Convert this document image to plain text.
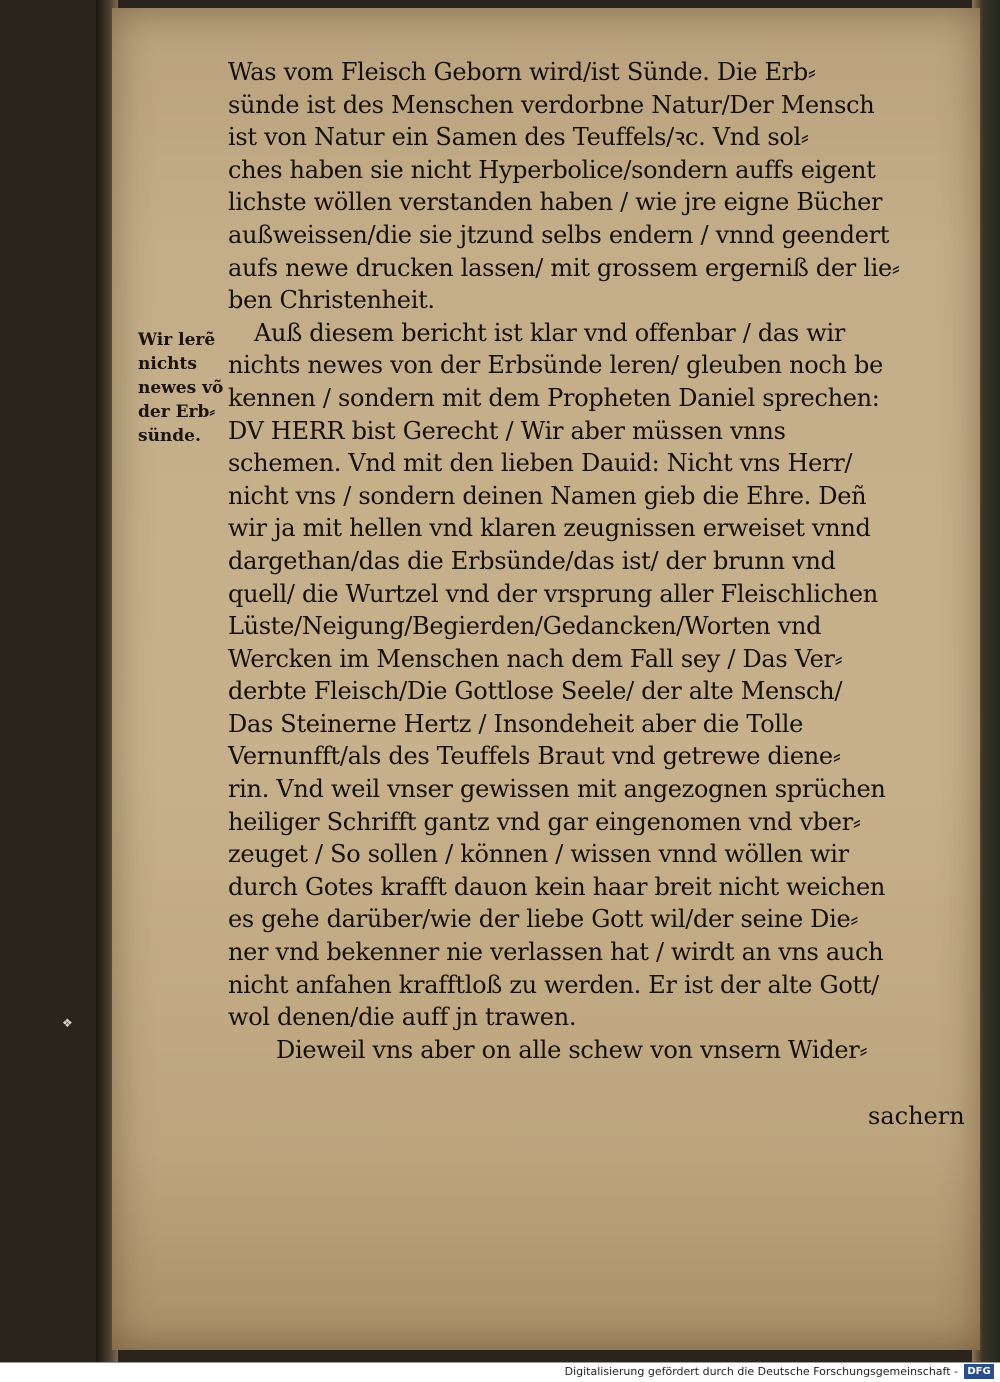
Wir lerẽ
nichts
newes võ
der Erb⸗
sünde.
Was vom Fleisch Geborn wird/ist Sünde. Die Erb⸗
sünde ist des Menschen verdorbne Natur/Der Mensch
ist von Natur ein Samen des Teuffels/ꝛc. Vnd sol⸗
ches haben sie nicht Hyperbolice/sondern auffs eigent
lichste wöllen verstanden haben / wie jre eigne Bücher
außweissen/die sie jtzund selbs endern / vnnd geendert
aufs newe drucken lassen/ mit grossem ergerniß der lie⸗
ben Christenheit.
Auß diesem bericht ist klar vnd offenbar / das wir
nichts newes von der Erbsünde leren/ gleuben noch be
kennen / sondern mit dem Propheten Daniel sprechen:
DV HERR bist Gerecht / Wir aber müssen vnns
schemen. Vnd mit den lieben Dauid: Nicht vns Herr/
nicht vns / sondern deinen Namen gieb die Ehre. Deñ
wir ja mit hellen vnd klaren zeugnissen erweiset vnnd
dargethan/das die Erbsünde/das ist/ der brunn vnd
quell/ die Wurtzel vnd der vrsprung aller Fleischlichen
Lüste/Neigung/Begierden/Gedancken/Worten vnd
Wercken im Menschen nach dem Fall sey / Das Ver⸗
derbte Fleisch/Die Gottlose Seele/ der alte Mensch/
Das Steinerne Hertz / Insondeheit aber die Tolle
Vernunfft/als des Teuffels Braut vnd getrewe diene⸗
rin. Vnd weil vnser gewissen mit angezognen sprüchen
heiliger Schrifft gantz vnd gar eingenomen vnd vber⸗
zeuget / So sollen / können / wissen vnnd wöllen wir
durch Gotes krafft dauon kein haar breit nicht weichen
es gehe darüber/wie der liebe Gott wil/der seine Die⸗
ner vnd bekenner nie verlassen hat / wirdt an vns auch
nicht anfahen krafftloß zu werden. Er ist der alte Gott/
wol denen/die auff jn trawen.
Dieweil vns aber on alle schew von vnsern Wider⸗
sachern
❖
Digitalisierung gefördert durch die Deutsche Forschungsgemeinschaft - DFG
